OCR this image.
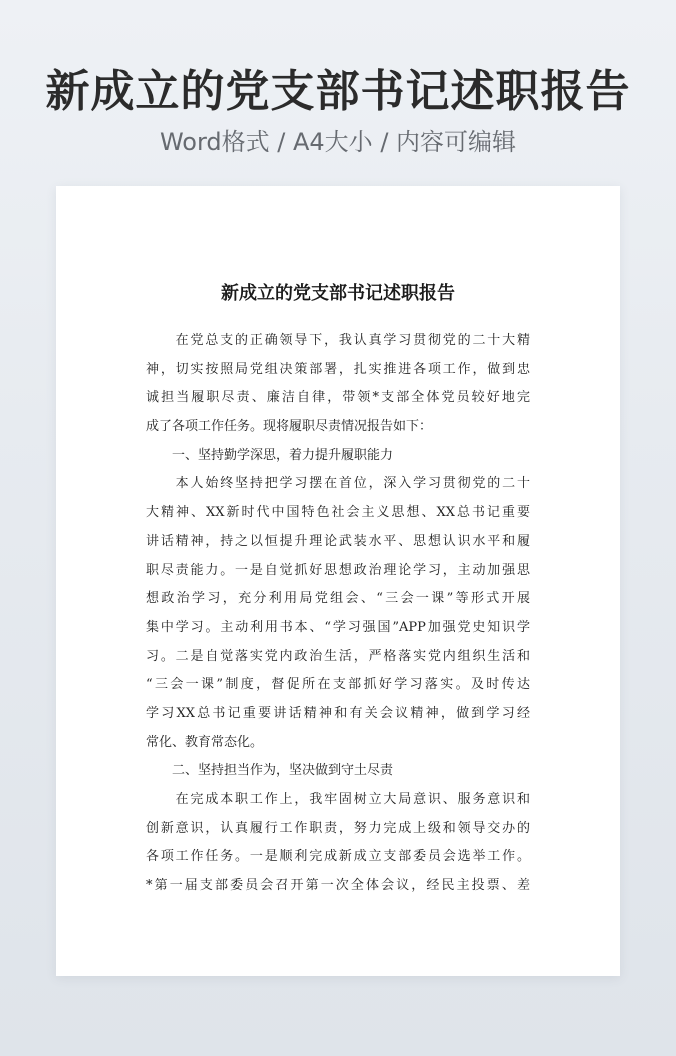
新成立的党支部书记述职报告
Word格式 / A4大小 / 内容可编辑
新成立的党支部书记述职报告
　　在党总支的正确领导下，我认真学习贯彻党的二十大精
神，切实按照局党组决策部署，扎实推进各项工作，做到忠
诚担当履职尽责、廉洁自律，带领*支部全体党员较好地完
成了各项工作任务。现将履职尽责情况报告如下：
　　一、坚持勤学深思，着力提升履职能力
　　本人始终坚持把学习摆在首位，深入学习贯彻党的二十
大精神、XX新时代中国特色社会主义思想、XX总书记重要
讲话精神，持之以恒提升理论武装水平、思想认识水平和履
职尽责能力。一是自觉抓好思想政治理论学习，主动加强思
想政治学习，充分利用局党组会、“三会一课”等形式开展
集中学习。主动利用书本、“学习强国”APP加强党史知识学
习。二是自觉落实党内政治生活，严格落实党内组织生活和
“三会一课”制度，督促所在支部抓好学习落实。及时传达
学习XX总书记重要讲话精神和有关会议精神，做到学习经
常化、教育常态化。
　　二、坚持担当作为，坚决做到守土尽责
　　在完成本职工作上，我牢固树立大局意识、服务意识和
创新意识，认真履行工作职责，努力完成上级和领导交办的
各项工作任务。一是顺利完成新成立支部委员会选举工作。
*第一届支部委员会召开第一次全体会议，经民主投票、差
